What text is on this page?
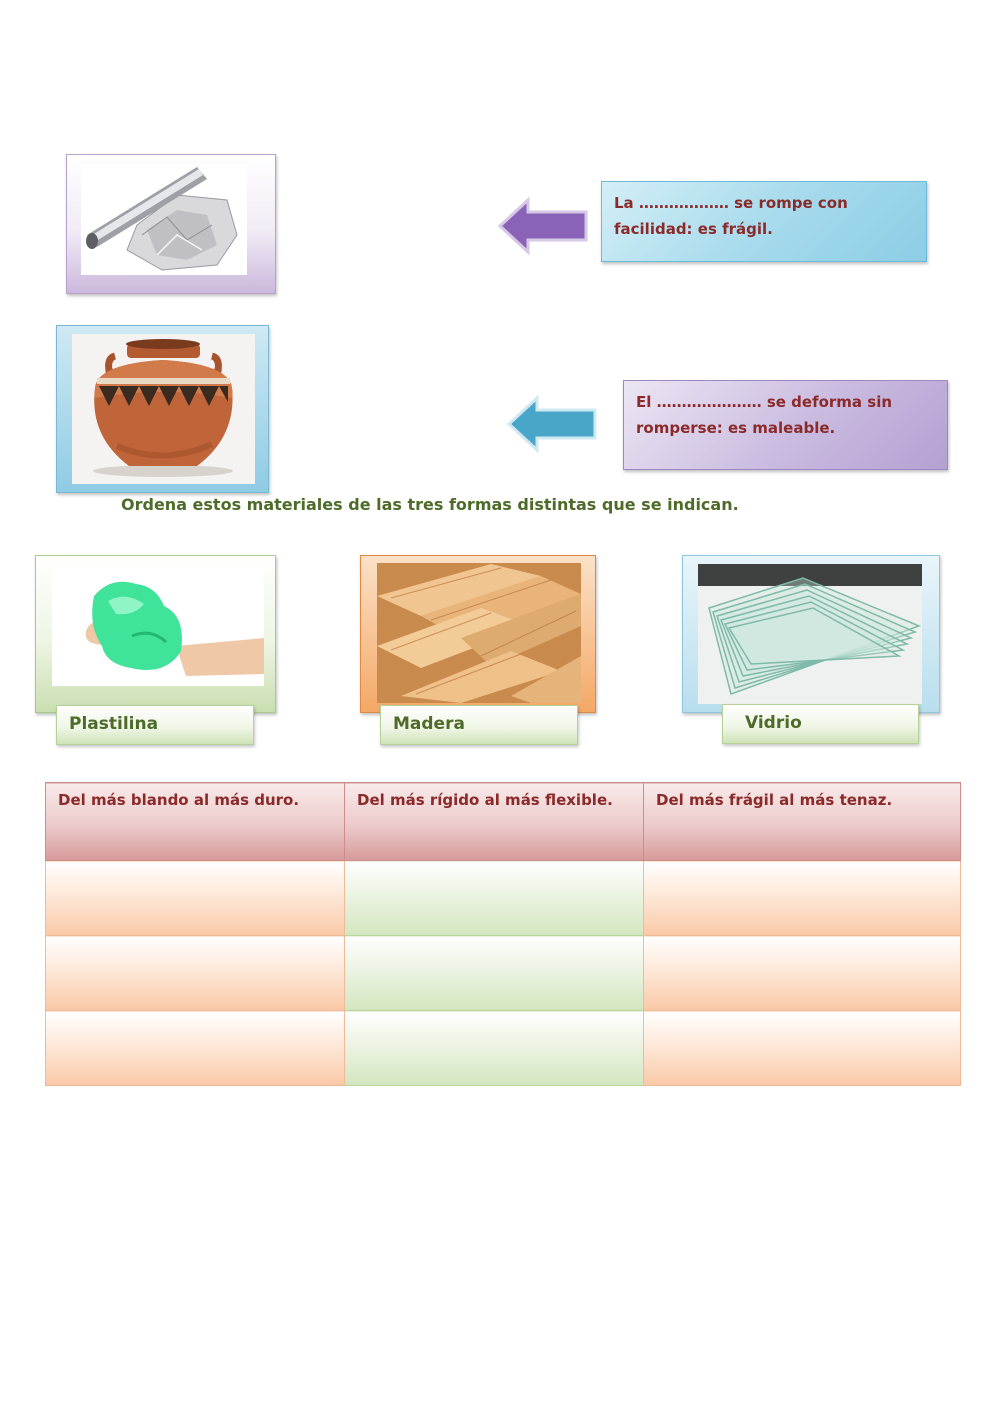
La ……………… se rompe con
facilidad: es frágil.
El ………………… se deforma sin
romperse: es maleable.
Ordena estos materiales de las tres formas distintas que se indican.
Plastilina	Madera	Vidrio
Del más blando al más duro.	Del más rígido al más flexible.	Del más frágil al más tenaz.
